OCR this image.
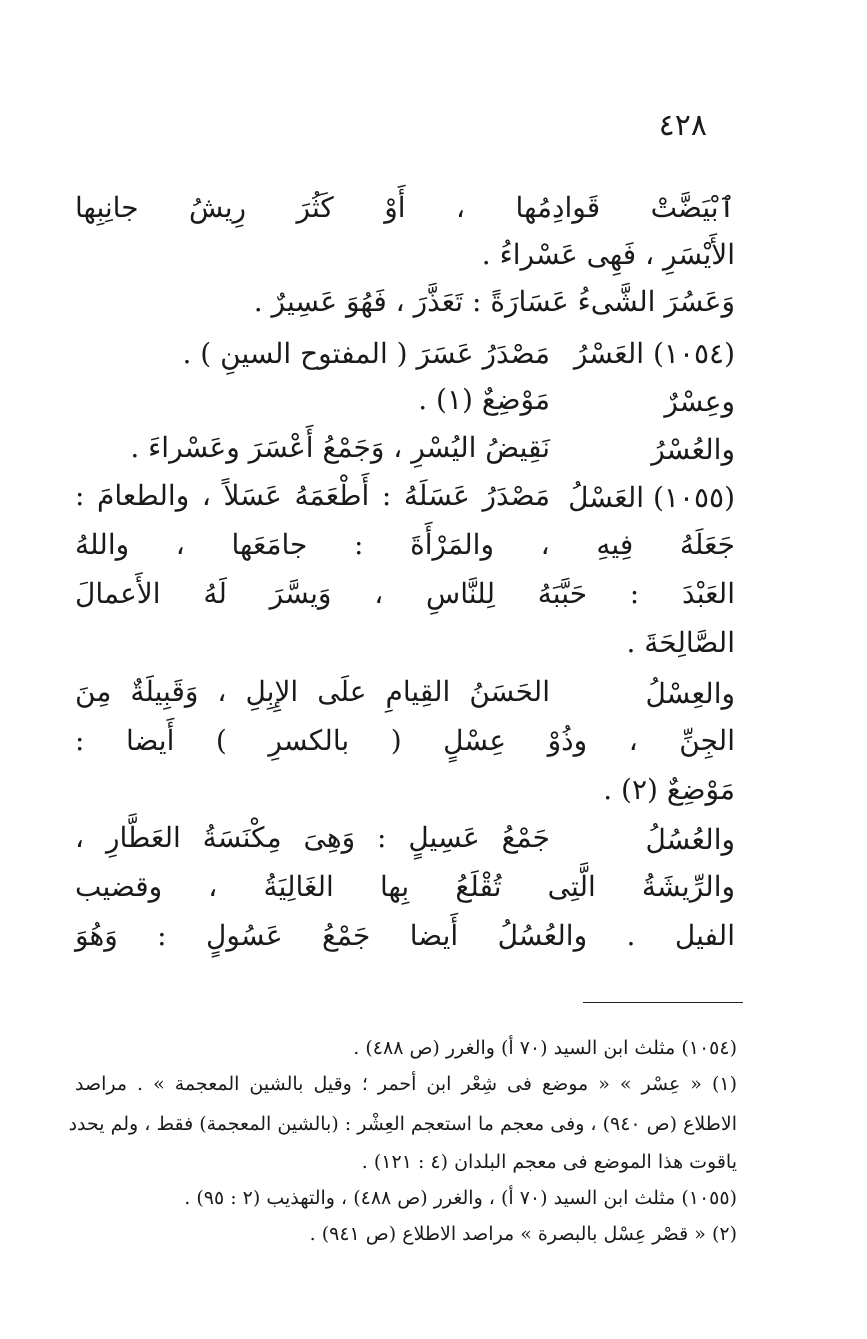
٤٢٨
ٱبْيَضَّتْ قَوادِمُها ، أَوْ كَثُرَ رِيشُ جانِبِها
الأَيْسَرِ ، فَهِى عَسْراءُ .
وَعَسُرَ الشَّىءُ عَسَارَةً : تَعَذَّرَ ، فَهُوَ عَسِيرٌ .
(١٠٥٤) العَسْرُ
مَصْدَرُ عَسَرَ ( المفتوح السينِ ) .
وعِسْرٌ
مَوْضِعٌ (١) .
والعُسْرُ
نَقِيضُ اليُسْرِ ، وَجَمْعُ أَعْسَرَ وعَسْراءَ .
(١٠٥٥) العَسْلُ
مَصْدَرُ عَسَلَهُ : أَطْعَمَهُ عَسَلاً ، والطعامَ :
جَعَلَهُ فِيهِ ، والمَرْأَةَ : جامَعَها ، واللهُ
العَبْدَ : حَبَّبَهُ لِلنَّاسِ ، وَيسَّرَ لَهُ الأَعمالَ
الصَّالِحَةَ .
والعِسْلُ
الحَسَنُ القِيامِ علَى الإِبِلِ ، وَقَبِيلَةٌ مِنَ
الجِنِّ ، وذُوْ عِسْلٍ ( بالكسرِ ) أَيضا :
مَوْضِعٌ (٢) .
والعُسُلُ
جَمْعُ عَسِيلٍ : وَهِىَ مِكْنَسَةُ العَطَّارِ ،
والرِّيشَةُ الَّتِى تُقْلَعُ بِها الغَالِيَةُ ، وقضيب
الفيل . والعُسُلُ أَيضا جَمْعُ عَسُولٍ : وَهُوَ
(١٠٥٤) مثلث ابن السيد (٧٠ أ) والغرر (ص ٤٨٨) .
(١) « عِسْر » « موضع فى شِعْر ابن أحمر ؛ وقيل بالشين المعجمة » . مراصد
الاطلاع (ص ٩٤٠) ، وفى معجم ما استعجم العِشْر : (بالشين المعجمة) فقط ، ولم يحدد
ياقوت هذا الموضع فى معجم البلدان (٤ : ١٢١) .
(١٠٥٥) مثلث ابن السيد (٧٠ أ) ، والغرر (ص ٤٨٨) ، والتهذيب (٢ : ٩٥) .
(٢) « قصْر عِسْل بالبصرة » مراصد الاطلاع (ص ٩٤١) .
